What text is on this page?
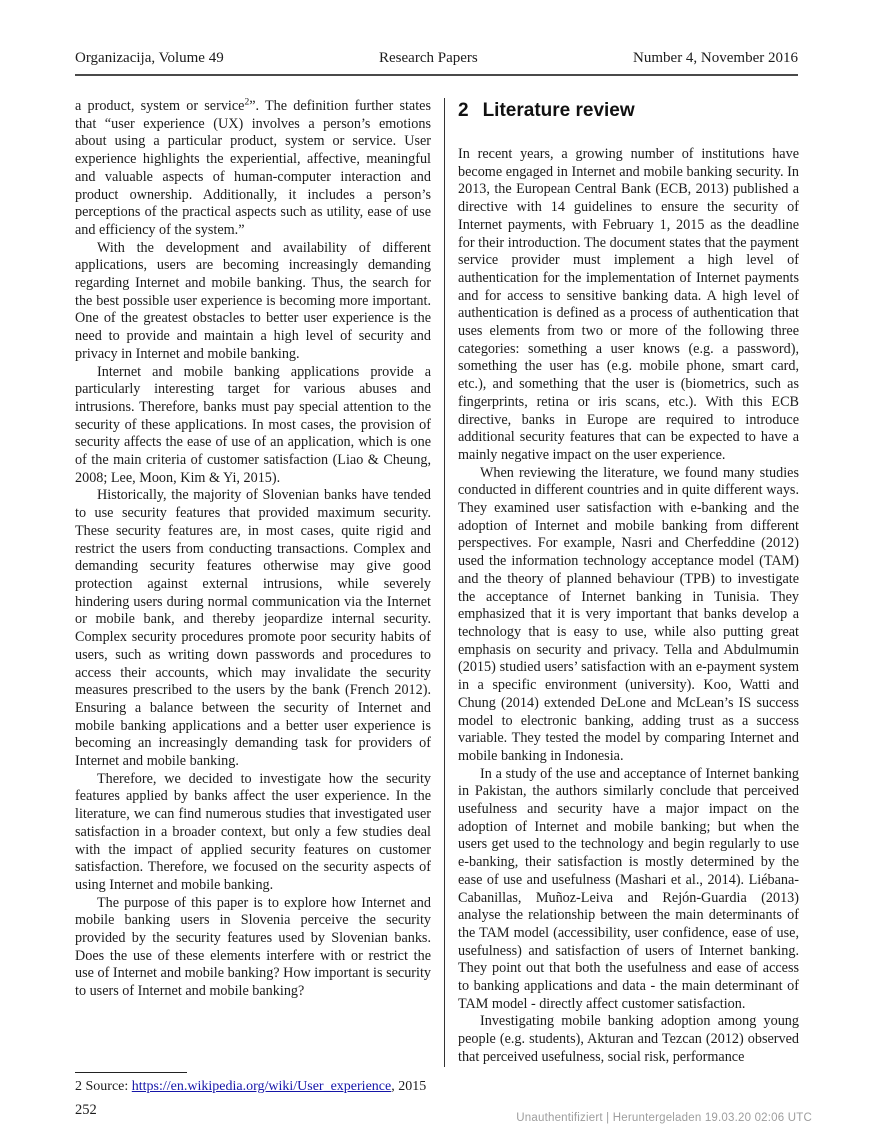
Organizacija, Volume 49	Research Papers	Number 4, November 2016

a product, system or service$^2$”. The definition further states that “user experience (UX) involves a person’s emotions about using a particular product, system or service. User experience highlights the experiential, affective, meaningful and valuable aspects of human-computer interaction and product ownership. Additionally, it includes a person’s perceptions of the practical aspects such as utility, ease of use and efficiency of the system.”

With the development and availability of different applications, users are becoming increasingly demanding regarding Internet and mobile banking. Thus, the search for the best possible user experience is becoming more important. One of the greatest obstacles to better user experience is the need to provide and maintain a high level of security and privacy in Internet and mobile banking.

Internet and mobile banking applications provide a particularly interesting target for various abuses and intrusions. Therefore, banks must pay special attention to the security of these applications. In most cases, the provision of security affects the ease of use of an application, which is one of the main criteria of customer satisfaction (Liao & Cheung, 2008; Lee, Moon, Kim & Yi, 2015).

Historically, the majority of Slovenian banks have tended to use security features that provided maximum security. These security features are, in most cases, quite rigid and restrict the users from conducting transactions. Complex and demanding security features otherwise may give good protection against external intrusions, while severely hindering users during normal communication via the Internet or mobile bank, and thereby jeopardize internal security. Complex security procedures promote poor security habits of users, such as writing down passwords and procedures to access their accounts, which may invalidate the security measures prescribed to the users by the bank (French 2012). Ensuring a balance between the security of Internet and mobile banking applications and a better user experience is becoming an increasingly demanding task for providers of Internet and mobile banking.

Therefore, we decided to investigate how the security features applied by banks affect the user experience. In the literature, we can find numerous studies that investigated user satisfaction in a broader context, but only a few studies deal with the impact of applied security features on customer satisfaction. Therefore, we focused on the security aspects of using Internet and mobile banking.

The purpose of this paper is to explore how Internet and mobile banking users in Slovenia perceive the security provided by the security features used by Slovenian banks. Does the use of these elements interfere with or restrict the use of Internet and mobile banking? How important is security to users of Internet and mobile banking?

2 Literature review

In recent years, a growing number of institutions have become engaged in Internet and mobile banking security. In 2013, the European Central Bank (ECB, 2013) published a directive with 14 guidelines to ensure the security of Internet payments, with February 1, 2015 as the deadline for their introduction. The document states that the payment service provider must implement a high level of authentication for the implementation of Internet payments and for access to sensitive banking data. A high level of authentication is defined as a process of authentication that uses elements from two or more of the following three categories: something a user knows (e.g. a password), something the user has (e.g. mobile phone, smart card, etc.), and something that the user is (biometrics, such as fingerprints, retina or iris scans, etc.). With this ECB directive, banks in Europe are required to introduce additional security features that can be expected to have a mainly negative impact on the user experience.

When reviewing the literature, we found many studies conducted in different countries and in quite different ways. They examined user satisfaction with e-banking and the adoption of Internet and mobile banking from different perspectives. For example, Nasri and Cherfeddine (2012) used the information technology acceptance model (TAM) and the theory of planned behaviour (TPB) to investigate the acceptance of Internet banking in Tunisia. They emphasized that it is very important that banks develop a technology that is easy to use, while also putting great emphasis on security and privacy. Tella and Abdulmumin (2015) studied users’ satisfaction with an e-payment system in a specific environment (university). Koo, Watti and Chung (2014) extended DeLone and McLean’s IS success model to electronic banking, adding trust as a success variable. They tested the model by comparing Internet and mobile banking in Indonesia.

In a study of the use and acceptance of Internet banking in Pakistan, the authors similarly conclude that perceived usefulness and security have a major impact on the adoption of Internet and mobile banking; but when the users get used to the technology and begin regularly to use e-banking, their satisfaction is mostly determined by the ease of use and usefulness (Mashari et al., 2014). Liébana-Cabanillas, Muñoz-Leiva and Rejón-Guardia (2013) analyse the relationship between the main determinants of the TAM model (accessibility, user confidence, ease of use, usefulness) and satisfaction of users of Internet banking. They point out that both the usefulness and ease of access to banking applications and data - the main determinant of TAM model - directly affect customer satisfaction.

Investigating mobile banking adoption among young people (e.g. students), Akturan and Tezcan (2012) observed that perceived usefulness, social risk, performance

2 Source: https://en.wikipedia.org/wiki/User_experience, 2015
252	Unauthentifiziert | Heruntergeladen 19.03.20 02:06 UTC
